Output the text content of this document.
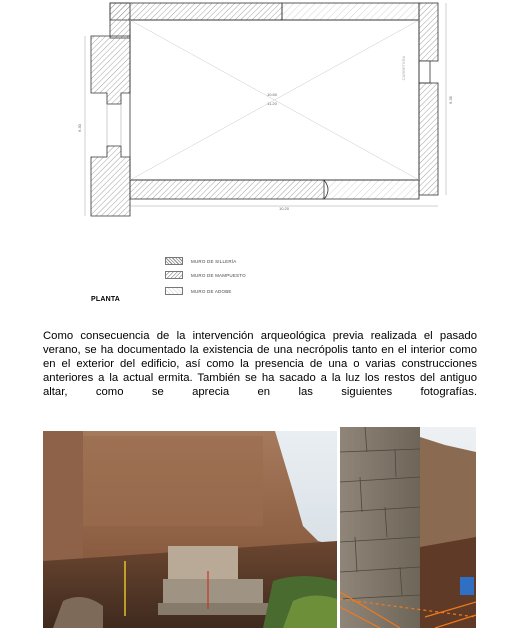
10.60
11.20
10.20
6.30
6.35
CARRETERA
MURO DE SILLERÍA
MURO DE MAMPUESTO
MURO DE ADOBE
PLANTA
Como consecuencia de la intervención arqueológica previa realizada el pasado verano, se ha documentado la existencia de una necrópolis tanto en el interior como en el exterior del edificio, así como la presencia de una o varias construcciones anteriores a la actual ermita. También se ha sacado a la luz los restos del antiguo altar, como se aprecia en las siguientes fotografías.
